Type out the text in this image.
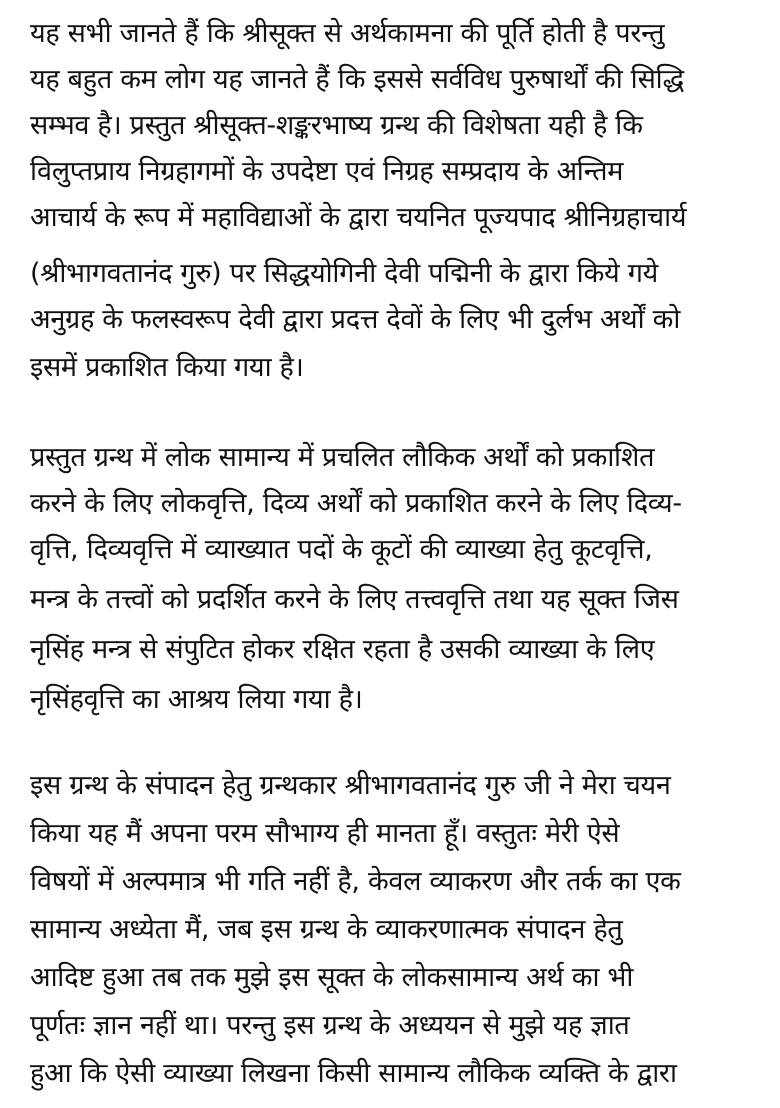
यह सभी जानते हैं कि श्रीसूक्त से अर्थकामना की पूर्ति होती है परन्तु
यह बहुत कम लोग यह जानते हैं कि इससे सर्वविध पुरुषार्थों की सिद्धि
सम्भव है। प्रस्तुत श्रीसूक्त-शङ्करभाष्य ग्रन्थ की विशेषता यही है कि
विलुप्तप्राय निग्रहागमों के उपदेष्टा एवं निग्रह सम्प्रदाय के अन्तिम
आचार्य के रूप में महाविद्याओं के द्वारा चयनित पूज्यपाद श्रीनिग्रहाचार्य
(श्रीभागवतानंद गुरु) पर सिद्धयोगिनी देवी पद्मिनी के द्वारा किये गये
अनुग्रह के फलस्वरूप देवी द्वारा प्रदत्त देवों के लिए भी दुर्लभ अर्थों को
इसमें प्रकाशित किया गया है।
प्रस्तुत ग्रन्थ में लोक सामान्य में प्रचलित लौकिक अर्थों को प्रकाशित
करने के लिए लोकवृत्ति, दिव्य अर्थों को प्रकाशित करने के लिए दिव्य-
वृत्ति, दिव्यवृत्ति में व्याख्यात पदों के कूटों की व्याख्या हेतु कूटवृत्ति,
मन्त्र के तत्त्वों को प्रदर्शित करने के लिए तत्त्ववृत्ति तथा यह सूक्त जिस
नृसिंह मन्त्र से संपुटित होकर रक्षित रहता है उसकी व्याख्या के लिए
नृसिंहवृत्ति का आश्रय लिया गया है।
इस ग्रन्थ के संपादन हेतु ग्रन्थकार श्रीभागवतानंद गुरु जी ने मेरा चयन
किया यह मैं अपना परम सौभाग्य ही मानता हूँ। वस्तुतः मेरी ऐसे
विषयों में अल्पमात्र भी गति नहीं है, केवल व्याकरण और तर्क का एक
सामान्य अध्येता मैं, जब इस ग्रन्थ के व्याकरणात्मक संपादन हेतु
आदिष्ट हुआ तब तक मुझे इस सूक्त के लोकसामान्य अर्थ का भी
पूर्णतः ज्ञान नहीं था। परन्तु इस ग्रन्थ के अध्ययन से मुझे यह ज्ञात
हुआ कि ऐसी व्याख्या लिखना किसी सामान्य लौकिक व्यक्ति के द्वारा
